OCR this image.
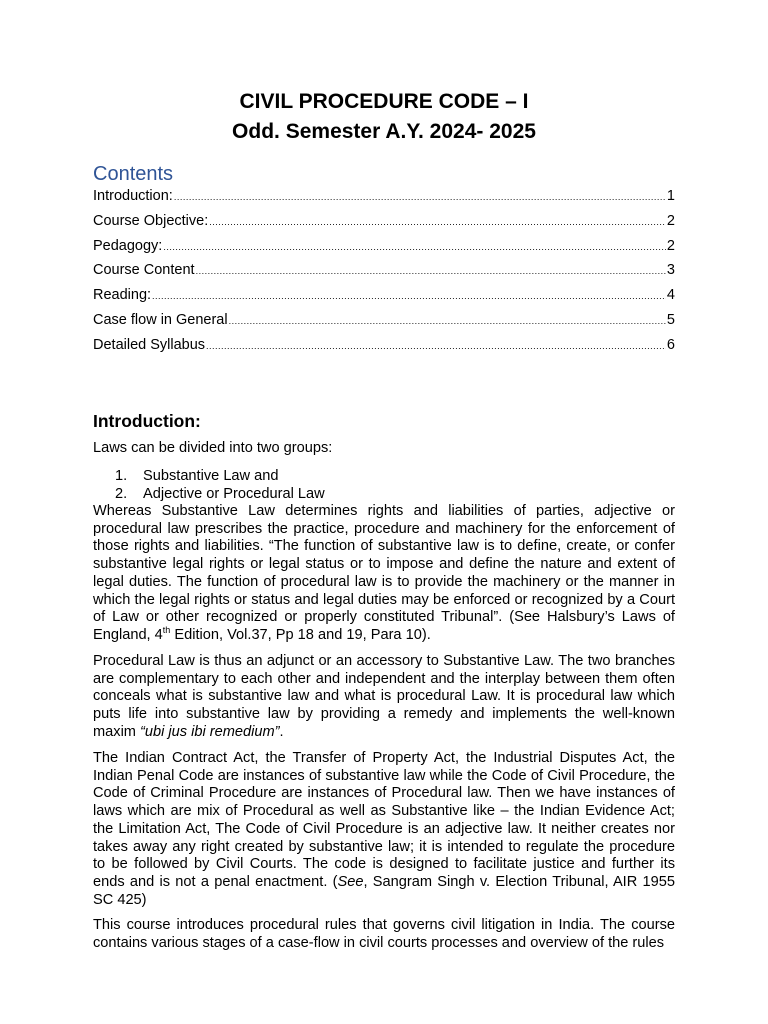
CIVIL PROCEDURE CODE – I
Odd. Semester A.Y. 2024- 2025
Contents
Introduction: .....	1
Course Objective: .....	2
Pedagogy: .....	2
Course Content .....	3
Reading: .....	4
Case flow in General .....	5
Detailed Syllabus .....	6
Introduction:

Laws can be divided into two groups:

1.	Substantive Law and
2.	Adjective or Procedural Law

Whereas Substantive Law determines rights and liabilities of parties, adjective or procedural law prescribes the practice, procedure and machinery for the enforcement of those rights and liabilities. “The function of substantive law is to define, create, or confer substantive legal rights or legal status or to impose and define the nature and extent of legal duties. The function of procedural law is to provide the machinery or the manner in which the legal rights or status and legal duties may be enforced or recognized by a Court of Law or other recognized or properly constituted Tribunal”. (See Halsbury’s Laws of England, 4th Edition, Vol.37, Pp 18 and 19, Para 10).

Procedural Law is thus an adjunct or an accessory to Substantive Law. The two branches are complementary to each other and independent and the interplay between them often conceals what is substantive law and what is procedural Law. It is procedural law which puts life into substantive law by providing a remedy and implements the well-known maxim “ubi jus ibi remedium”.

The Indian Contract Act, the Transfer of Property Act, the Industrial Disputes Act, the Indian Penal Code are instances of substantive law while the Code of Civil Procedure, the Code of Criminal Procedure are instances of Procedural law. Then we have instances of laws which are mix of Procedural as well as Substantive like – the Indian Evidence Act; the Limitation Act, The Code of Civil Procedure is an adjective law. It neither creates nor takes away any right created by substantive law; it is intended to regulate the procedure to be followed by Civil Courts. The code is designed to facilitate justice and further its ends and is not a penal enactment. (See, Sangram Singh v. Election Tribunal, AIR 1955 SC 425)

This course introduces procedural rules that governs civil litigation in India. The course contains various stages of a case-flow in civil courts processes and overview of the rules
